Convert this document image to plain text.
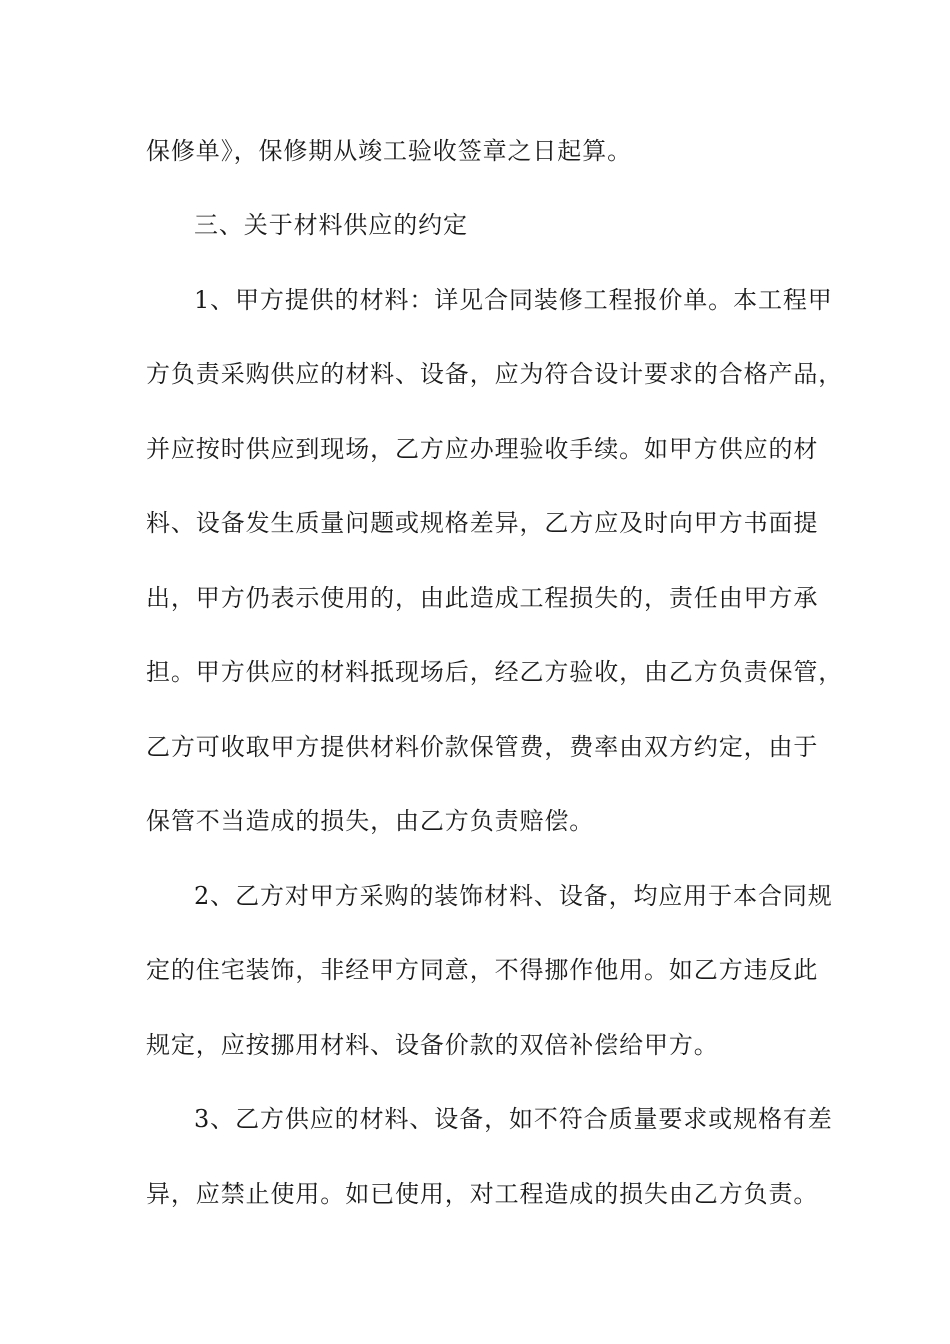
保修单》，保修期从竣工验收签章之日起算。

三、关于材料供应的约定

1、甲方提供的材料：详见合同装修工程报价单。本工程甲

方负责采购供应的材料、设备，应为符合设计要求的合格产品，

并应按时供应到现场，乙方应办理验收手续。如甲方供应的材

料、设备发生质量问题或规格差异，乙方应及时向甲方书面提

出，甲方仍表示使用的，由此造成工程损失的，责任由甲方承

担。甲方供应的材料抵现场后，经乙方验收，由乙方负责保管，

乙方可收取甲方提供材料价款保管费，费率由双方约定，由于

保管不当造成的损失，由乙方负责赔偿。

2、乙方对甲方采购的装饰材料、设备，均应用于本合同规

定的住宅装饰，非经甲方同意，不得挪作他用。如乙方违反此

规定，应按挪用材料、设备价款的双倍补偿给甲方。

3、乙方供应的材料、设备，如不符合质量要求或规格有差

异，应禁止使用。如已使用，对工程造成的损失由乙方负责。
